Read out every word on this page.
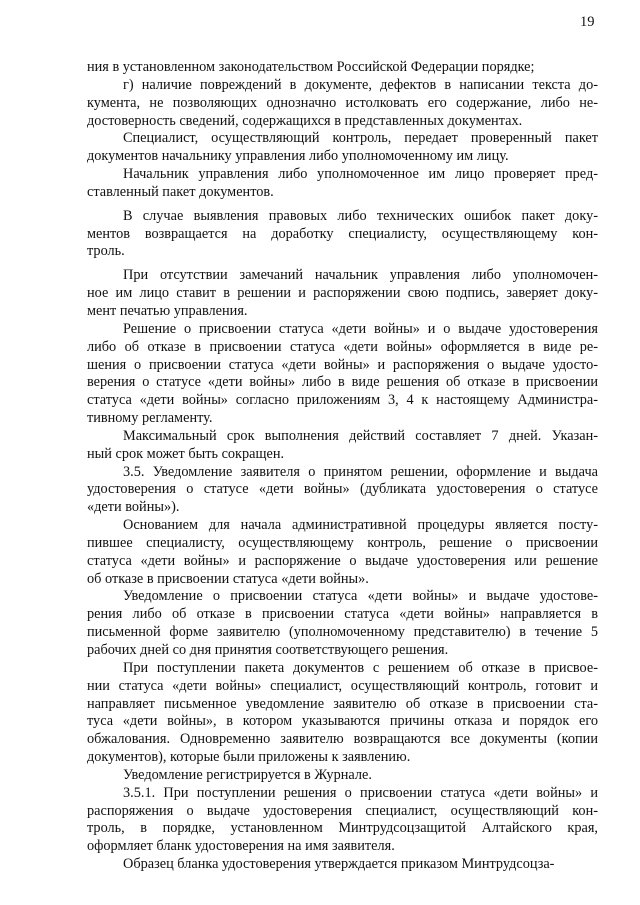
19
ния в установленном законодательством Российской Федерации порядке;
г) наличие повреждений в документе, дефектов в написании текста до-
кумента, не позволяющих однозначно истолковать его содержание, либо не-
достоверность сведений, содержащихся в представленных документах.
Специалист, осуществляющий контроль, передает проверенный пакет
документов начальнику управления либо уполномоченному им лицу.
Начальник управления либо уполномоченное им лицо проверяет пред-
ставленный пакет документов.
В случае выявления правовых либо технических ошибок пакет доку-
ментов возвращается на доработку специалисту, осуществляющему кон-
троль.
При отсутствии замечаний начальник управления либо уполномочен-
ное им лицо ставит в решении и распоряжении свою подпись, заверяет доку-
мент печатью управления.
Решение о присвоении статуса «дети войны» и о выдаче удостоверения
либо об отказе в присвоении статуса «дети войны» оформляется в виде ре-
шения о присвоении статуса «дети войны» и распоряжения о выдаче удосто-
верения о статусе «дети войны» либо в виде решения об отказе в присвоении
статуса «дети войны» согласно приложениям 3, 4 к настоящему Администра-
тивному регламенту.
Максимальный срок выполнения действий составляет 7 дней. Указан-
ный срок может быть сокращен.
3.5. Уведомление заявителя о принятом решении, оформление и выдача
удостоверения о статусе «дети войны» (дубликата удостоверения о статусе
«дети войны»).
Основанием для начала административной процедуры является посту-
пившее специалисту, осуществляющему контроль, решение о присвоении
статуса «дети войны» и распоряжение о выдаче удостоверения или решение
об отказе в присвоении статуса «дети войны».
Уведомление о присвоении статуса «дети войны» и выдаче удостове-
рения либо об отказе в присвоении статуса «дети войны» направляется в
письменной форме заявителю (уполномоченному представителю) в течение 5
рабочих дней со дня принятия соответствующего решения.
При поступлении пакета документов с решением об отказе в присвое-
нии статуса «дети войны» специалист, осуществляющий контроль, готовит и
направляет письменное уведомление заявителю об отказе в присвоении ста-
туса «дети войны», в котором указываются причины отказа и порядок его
обжалования. Одновременно заявителю возвращаются все документы (копии
документов), которые были приложены к заявлению.
Уведомление регистрируется в Журнале.
3.5.1. При поступлении решения о присвоении статуса «дети войны» и
распоряжения о выдаче удостоверения специалист, осуществляющий кон-
троль, в порядке, установленном Минтрудсоцзащитой Алтайского края,
оформляет бланк удостоверения на имя заявителя.
Образец бланка удостоверения утверждается приказом Минтрудсоцза-
